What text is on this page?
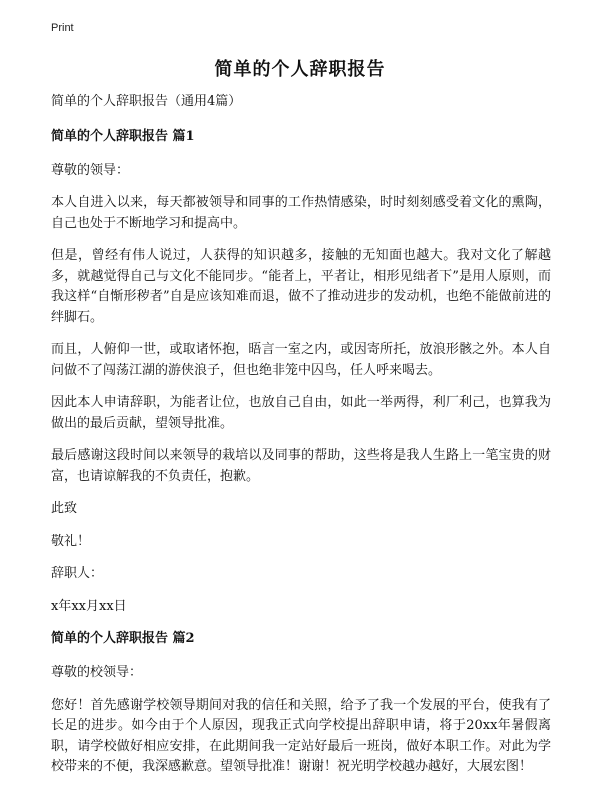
Print
简单的个人辞职报告

简单的个人辞职报告（通用4篇）

简单的个人辞职报告 篇1

尊敬的领导：

本人自进入以来，每天都被领导和同事的工作热情感染，时时刻刻感受着文化的熏陶，自己也处于不断地学习和提高中。

但是，曾经有伟人说过，人获得的知识越多，接触的无知面也越大。我对文化了解越多，就越觉得自己与文化不能同步。“能者上，平者让，相形见绌者下”是用人原则，而我这样“自惭形秽者”自是应该知难而退，做不了推动进步的发动机，也绝不能做前进的绊脚石。

而且，人俯仰一世，或取诸怀抱，晤言一室之内，或因寄所托，放浪形骸之外。本人自问做不了闯荡江湖的游侠浪子，但也绝非笼中囚鸟，任人呼来喝去。

因此本人申请辞职，为能者让位，也放自己自由，如此一举两得，利厂利己，也算我为做出的最后贡献，望领导批准。

最后感谢这段时间以来领导的栽培以及同事的帮助，这些将是我人生路上一笔宝贵的财富，也请谅解我的不负责任，抱歉。

此致

敬礼！

辞职人：

x年xx月xx日

简单的个人辞职报告 篇2

尊敬的校领导：

您好！首先感谢学校领导期间对我的信任和关照，给予了我一个发展的平台，使我有了长足的进步。如今由于个人原因，现我正式向学校提出辞职申请，将于20xx年暑假离职，请学校做好相应安排，在此期间我一定站好最后一班岗，做好本职工作。对此为学校带来的不便，我深感歉意。望领导批准！谢谢！祝光明学校越办越好，大展宏图！
